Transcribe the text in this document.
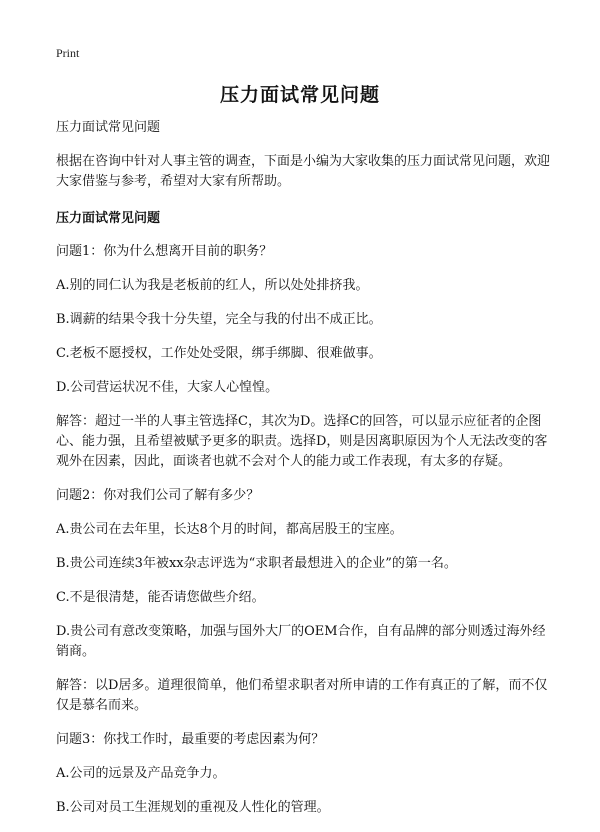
Print
压力面试常见问题

压力面试常见问题

根据在咨询中针对人事主管的调查，下面是小编为大家收集的压力面试常见问题，欢迎大家借鉴与参考，希望对大家有所帮助。

压力面试常见问题

问题1：你为什么想离开目前的职务？

A.别的同仁认为我是老板前的红人，所以处处排挤我。

B.调薪的结果令我十分失望，完全与我的付出不成正比。

C.老板不愿授权，工作处处受限，绑手绑脚、很难做事。

D.公司营运状况不佳，大家人心惶惶。

解答：超过一半的人事主管选择C，其次为D。选择C的回答，可以显示应征者的企图心、能力强，且希望被赋予更多的职责。选择D，则是因离职原因为个人无法改变的客观外在因素，因此，面谈者也就不会对个人的能力或工作表现，有太多的存疑。

问题2：你对我们公司了解有多少？

A.贵公司在去年里，长达8个月的时间，都高居股王的宝座。

B.贵公司连续3年被xx杂志评选为“求职者最想进入的企业”的第一名。

C.不是很清楚，能否请您做些介绍。

D.贵公司有意改变策略，加强与国外大厂的OEM合作，自有品牌的部分则透过海外经销商。

解答：以D居多。道理很简单，他们希望求职者对所申请的工作有真正的了解，而不仅仅是慕名而来。

问题3：你找工作时，最重要的考虑因素为何？

A.公司的远景及产品竞争力。

B.公司对员工生涯规划的重视及人性化的管理。
